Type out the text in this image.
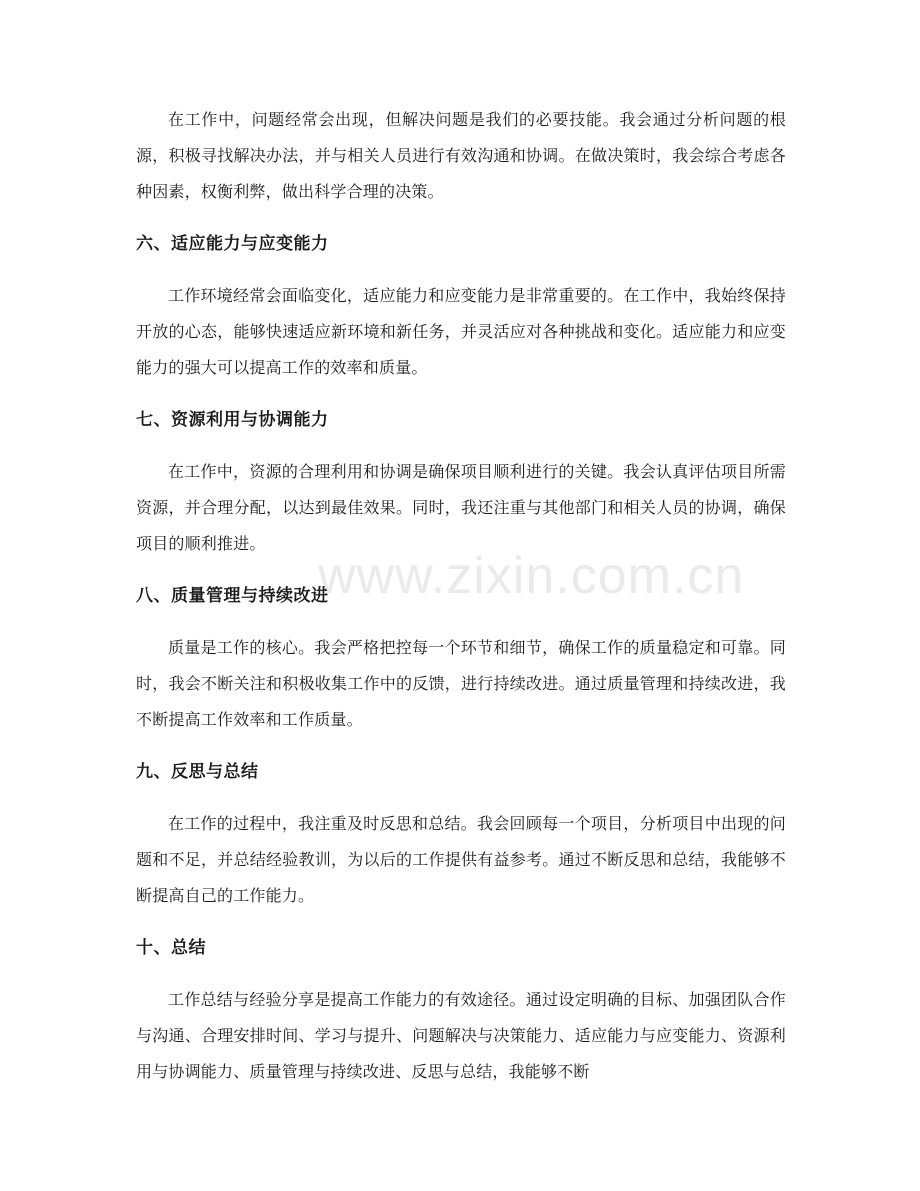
www.zixin.com.cn

在工作中，问题经常会出现，但解决问题是我们的必要技能。我会通过分析问题的根源，积极寻找解决办法，并与相关人员进行有效沟通和协调。在做决策时，我会综合考虑各种因素，权衡利弊，做出科学合理的决策。

六、适应能力与应变能力

工作环境经常会面临变化，适应能力和应变能力是非常重要的。在工作中，我始终保持开放的心态，能够快速适应新环境和新任务，并灵活应对各种挑战和变化。适应能力和应变能力的强大可以提高工作的效率和质量。

七、资源利用与协调能力

在工作中，资源的合理利用和协调是确保项目顺利进行的关键。我会认真评估项目所需资源，并合理分配，以达到最佳效果。同时，我还注重与其他部门和相关人员的协调，确保项目的顺利推进。

八、质量管理与持续改进

质量是工作的核心。我会严格把控每一个环节和细节，确保工作的质量稳定和可靠。同时，我会不断关注和积极收集工作中的反馈，进行持续改进。通过质量管理和持续改进，我不断提高工作效率和工作质量。

九、反思与总结

在工作的过程中，我注重及时反思和总结。我会回顾每一个项目，分析项目中出现的问题和不足，并总结经验教训，为以后的工作提供有益参考。通过不断反思和总结，我能够不断提高自己的工作能力。

十、总结

工作总结与经验分享是提高工作能力的有效途径。通过设定明确的目标、加强团队合作与沟通、合理安排时间、学习与提升、问题解决与决策能力、适应能力与应变能力、资源利用与协调能力、质量管理与持续改进、反思与总结，我能够不断
